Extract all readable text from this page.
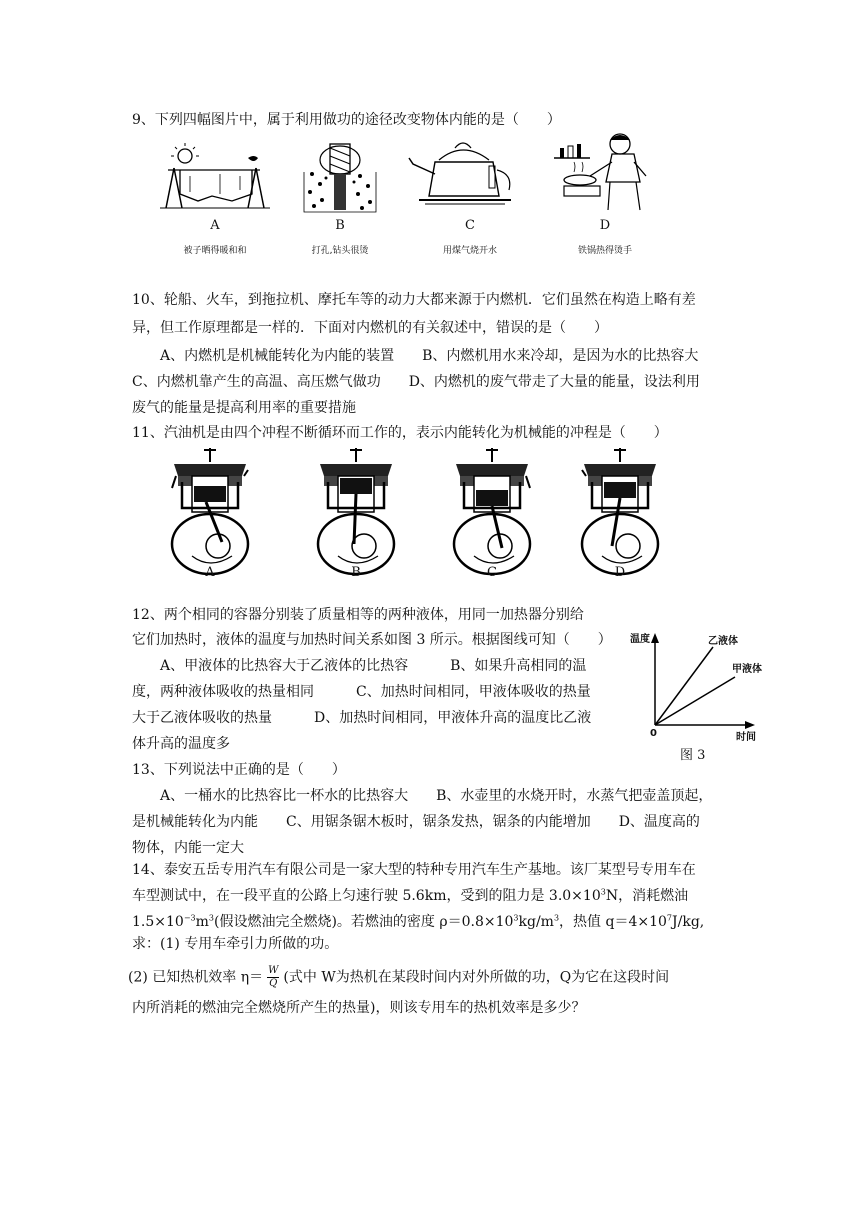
9、下列四幅图片中，属于利用做功的途径改变物体内能的是（　　）
A
被子晒得暖和和
B
打孔,钻头很烫
C
用煤气烧开水
D
铁锅热得烫手
10、轮船、火车，到拖拉机、摩托车等的动力大都来源于内燃机．它们虽然在构造上略有差
异，但工作原理都是一样的．下面对内燃机的有关叙述中，错误的是（　　）
A、内燃机是机械能转化为内能的装置　　B、内燃机用水来冷却，是因为水的比热容大
C、内燃机靠产生的高温、高压燃气做功　　D、内燃机的废气带走了大量的能量，设法利用
废气的能量是提高利用率的重要措施
11、汽油机是由四个冲程不断循环而工作的，表示内能转化为机械能的冲程是（　　）
A	B	C	D
12、两个相同的容器分别装了质量相等的两种液体，用同一加热器分别给
它们加热时，液体的温度与加热时间关系如图 3 所示。根据图线可知（　　）
A、甲液体的比热容大于乙液体的比热容　　　B、如果升高相同的温
度，两种液体吸收的热量相同　　　C、加热时间相同，甲液体吸收的热量
大于乙液体吸收的热量　　　D、加热时间相同，甲液体升高的温度比乙液
体升高的温度多
温度	乙液体
甲液体
0	时间
图 3
13、下列说法中正确的是（　　）
A、一桶水的比热容比一杯水的比热容大　　B、水壶里的水烧开时，水蒸气把壶盖顶起，
是机械能转化为内能　　C、用锯条锯木板时，锯条发热，锯条的内能增加　　D、温度高的
物体，内能一定大
14、泰安五岳专用汽车有限公司是一家大型的特种专用汽车生产基地。该厂某型号专用车在
车型测试中，在一段平直的公路上匀速行驶 5.6km，受到的阻力是 $3.0\times 10^3N$，消耗燃油
$1.5\times 10^{-3}m^3$(假设燃油完全燃烧)。若燃油的密度 $\rho=0.8\times 10^3kg/m^3$，热值 $q=4\times 10^7J/kg$,
求：(1) 专用车牵引力所做的功。
(2) 已知热机效率 $\eta= \frac{W}{Q}$ (式中 W为热机在某段时间内对外所做的功，Q为它在这段时间
内所消耗的燃油完全燃烧所产生的热量)，则该专用车的热机效率是多少？
